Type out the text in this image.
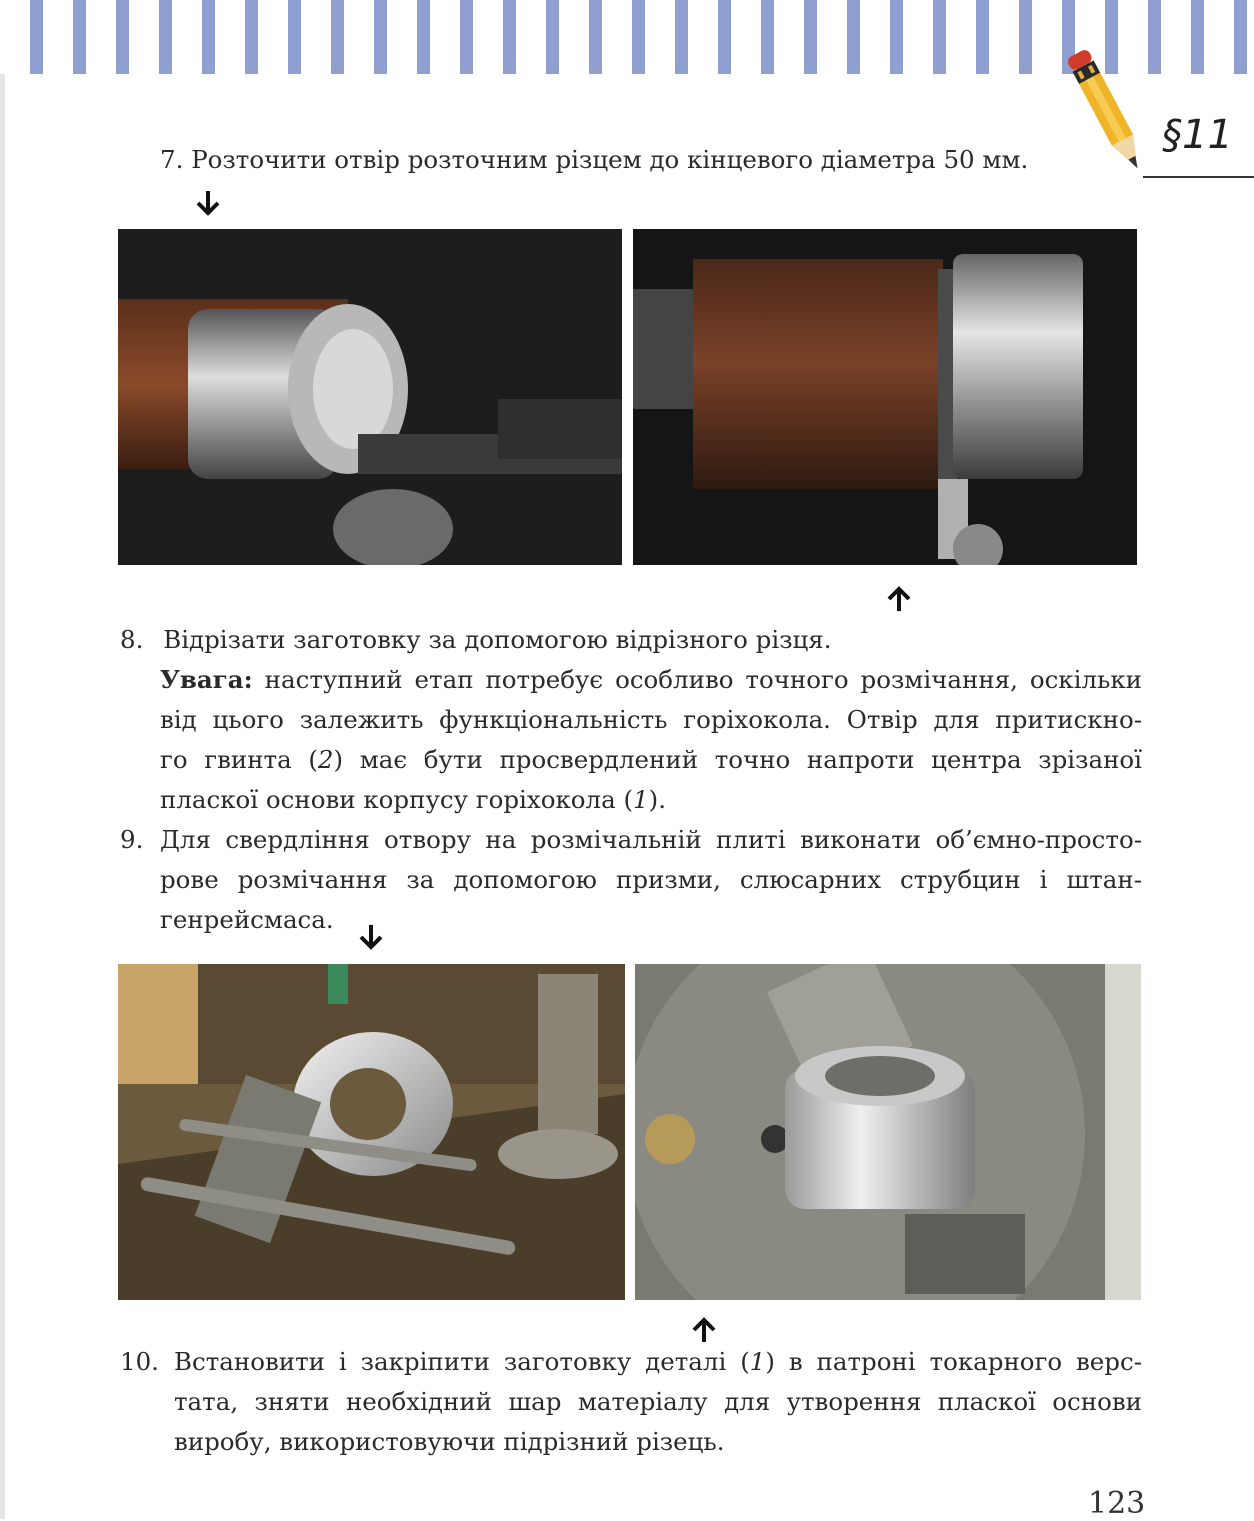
§11
7. Розточити отвір розточним різцем до кінцевого діаметра 50 мм.
8. Відрізати заготовку за допомогою відрізного різця.
Увага: наступний етап потребує особливо точного розмічання, оскільки
від цього залежить функціональність горіхокола. Отвір для притискно-
го гвинта (2) має бути просвердлений точно напроти центра зрізаної
пласкої основи корпусу горіхокола (1).
9. Для свердління отвору на розмічальній плиті виконати об’ємно-просто-
рове розмічання за допомогою призми, слюсарних струбцин і штан-
генрейсмаса.
10. Встановити і закріпити заготовку деталі (1) в патроні токарного верс-
тата, зняти необхідний шар матеріалу для утворення пласкої основи
виробу, використовуючи підрізний різець.
123
